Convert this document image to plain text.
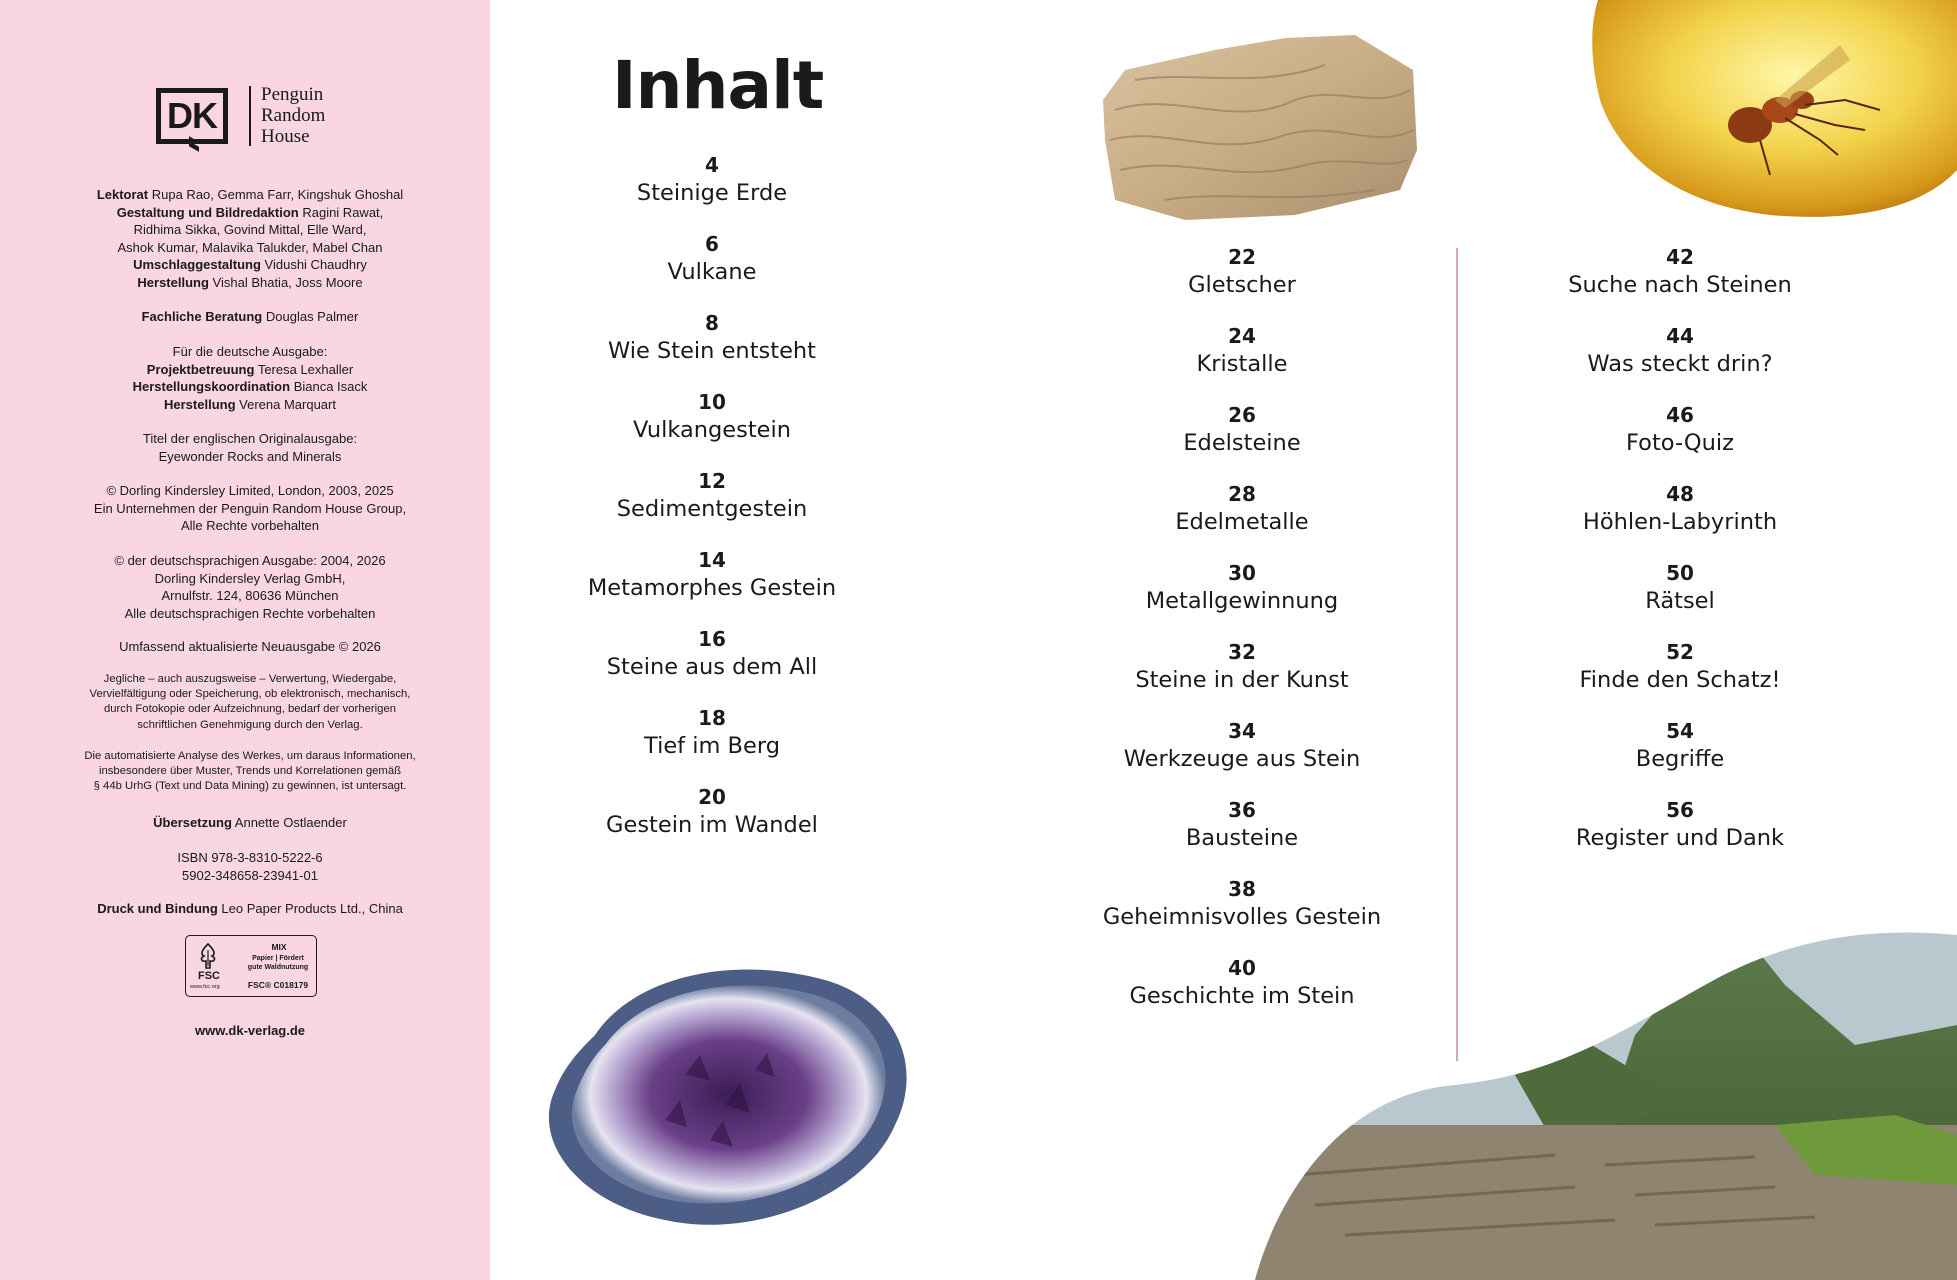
DK
Penguin
Random
House
Lektorat Rupa Rao, Gemma Farr, Kingshuk Ghoshal
Gestaltung und Bildredaktion Ragini Rawat,
Ridhima Sikka, Govind Mittal, Elle Ward,
Ashok Kumar, Malavika Talukder, Mabel Chan
Umschlaggestaltung Vidushi Chaudhry
Herstellung Vishal Bhatia, Joss Moore
Fachliche Beratung Douglas Palmer
Für die deutsche Ausgabe:
Projektbetreuung Teresa Lexhaller
Herstellungskoordination Bianca Isack
Herstellung Verena Marquart
Titel der englischen Originalausgabe:
Eyewonder Rocks and Minerals
© Dorling Kindersley Limited, London, 2003, 2025
Ein Unternehmen der Penguin Random House Group,
Alle Rechte vorbehalten
© der deutschsprachigen Ausgabe: 2004, 2026
Dorling Kindersley Verlag GmbH,
Arnulfstr. 124, 80636 München
Alle deutschsprachigen Rechte vorbehalten
Umfassend aktualisierte Neuausgabe © 2026
Jegliche – auch auszugsweise – Verwertung, Wiedergabe,
Vervielfältigung oder Speicherung, ob elektronisch, mechanisch,
durch Fotokopie oder Aufzeichnung, bedarf der vorherigen
schriftlichen Genehmigung durch den Verlag.
Die automatisierte Analyse des Werkes, um daraus Informationen,
insbesondere über Muster, Trends und Korrelationen gemäß
§ 44b UrhG (Text und Data Mining) zu gewinnen, ist untersagt.
Übersetzung Annette Ostlaender
ISBN 978-3-8310-5222-6
5902-348658-23941-01
Druck und Bindung Leo Paper Products Ltd., China
FSC
www.fsc.org
MIX
Papier | Fördert
gute Waldnutzung
FSC® C018179
www.dk-verlag.de
Inhalt
4
Steinige Erde
6
Vulkane
8
Wie Stein entsteht
10
Vulkangestein
12
Sedimentgestein
14
Metamorphes Gestein
16
Steine aus dem All
18
Tief im Berg
20
Gestein im Wandel
22
Gletscher
24
Kristalle
26
Edelsteine
28
Edelmetalle
30
Metallgewinnung
32
Steine in der Kunst
34
Werkzeuge aus Stein
36
Bausteine
38
Geheimnisvolles Gestein
40
Geschichte im Stein
42
Suche nach Steinen
44
Was steckt drin?
46
Foto-Quiz
48
Höhlen-Labyrinth
50
Rätsel
52
Finde den Schatz!
54
Begriffe
56
Register und Dank
